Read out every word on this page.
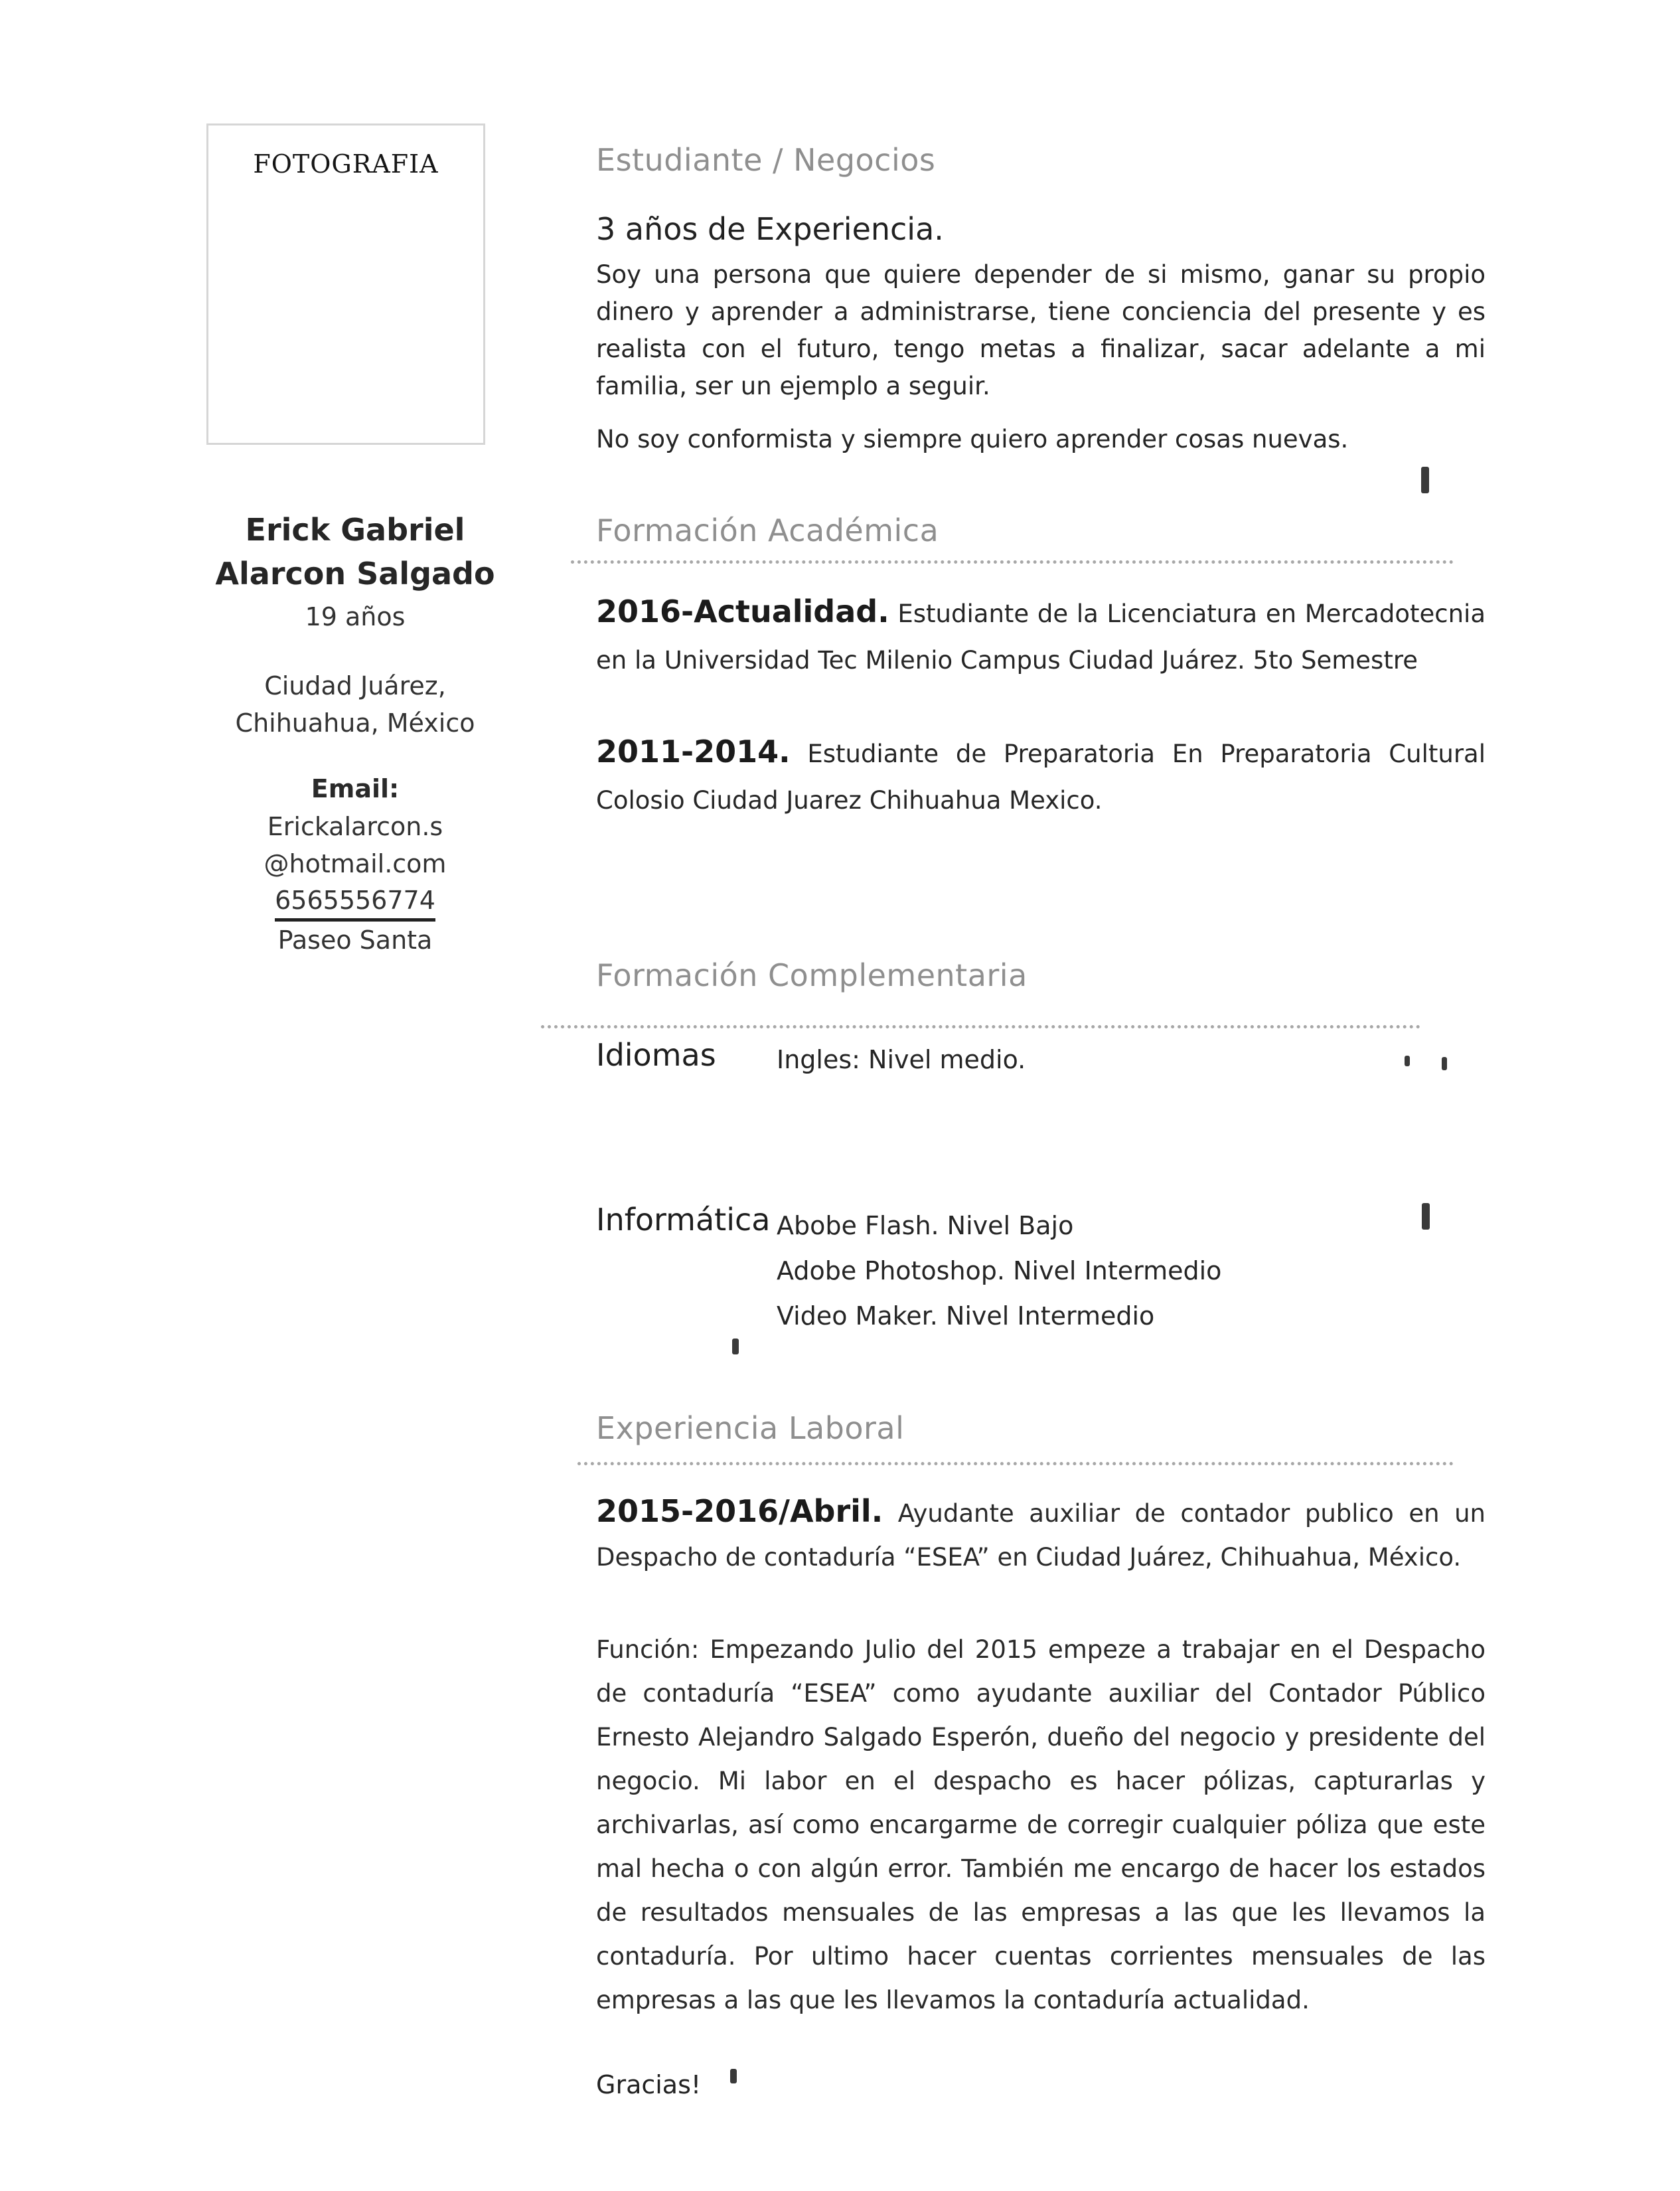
FOTOGRAFIA
Erick Gabriel
Alarcon Salgado
19 años
Ciudad Juárez,
Chihuahua, México
Email:
Erickalarcon.s
@hotmail.com
6565556774
Paseo Santa
Estudiante / Negocios
3 años de Experiencia.

Soy una persona que quiere depender de si mismo, ganar su propio dinero y aprender a administrarse, tiene conciencia del presente y es realista con el futuro, tengo metas a finalizar, sacar adelante a mi familia, ser un ejemplo a seguir.

No soy conformista y siempre quiero aprender cosas nuevas.

Formación Académica
2016-Actualidad. Estudiante de la Licenciatura en Mercadotecnia en la Universidad Tec Milenio Campus Ciudad Juárez. 5to Semestre
2011-2014. Estudiante de Preparatoria En Preparatoria Cultural Colosio Ciudad Juarez Chihuahua Mexico.
Formación Complementaria
Idiomas Ingles: Nivel medio.
Informática Abobe Flash. Nivel Bajo
Adobe Photoshop. Nivel Intermedio
Video Maker. Nivel Intermedio
Experiencia Laboral
2015-2016/Abril. Ayudante auxiliar de contador publico en un Despacho de contaduría “ESEA” en Ciudad Juárez, Chihuahua, México.
Función: Empezando Julio del 2015 empeze a trabajar en el Despacho de contaduría “ESEA” como ayudante auxiliar del Contador Público Ernesto Alejandro Salgado Esperón, dueño del negocio y presidente del negocio. Mi labor en el despacho es hacer pólizas, capturarlas y archivarlas, así como encargarme de corregir cualquier póliza que este mal hecha o con algún error. También me encargo de hacer los estados de resultados mensuales de las empresas a las que les llevamos la contaduría. Por ultimo hacer cuentas corrientes mensuales de las empresas a las que les llevamos la contaduría actualidad.
Gracias!
